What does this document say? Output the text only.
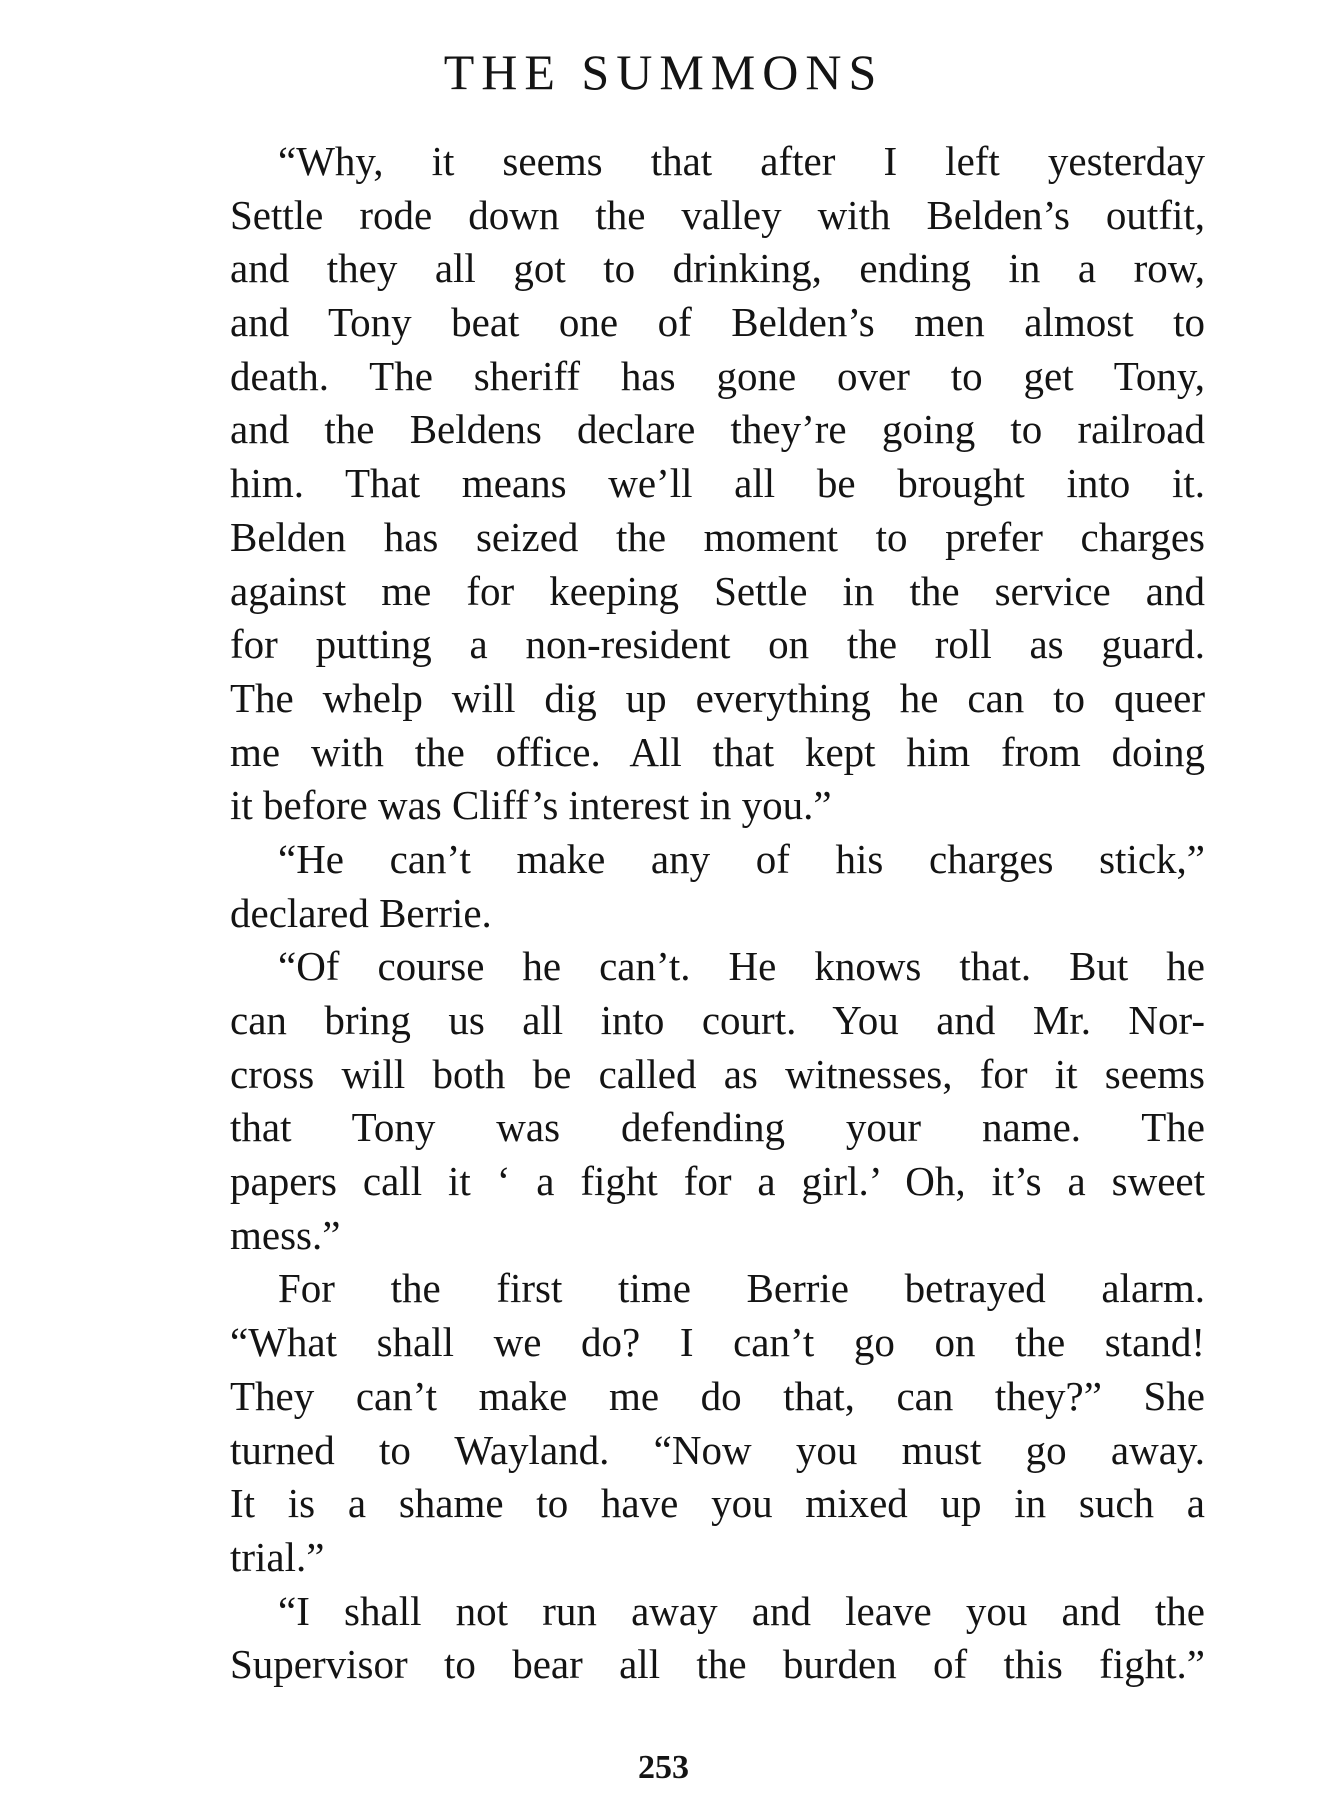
THE SUMMONS
“Why, it seems that after I left yesterday
Settle rode down the valley with Belden’s outfit,
and they all got to drinking, ending in a row,
and Tony beat one of Belden’s men almost to
death. The sheriff has gone over to get Tony,
and the Beldens declare they’re going to railroad
him. That means we’ll all be brought into it.
Belden has seized the moment to prefer charges
against me for keeping Settle in the service and
for putting a non-resident on the roll as guard.
The whelp will dig up everything he can to queer
me with the office. All that kept him from doing
it before was Cliff’s interest in you.”
“He can’t make any of his charges stick,”
declared Berrie.
“Of course he can’t. He knows that. But he
can bring us all into court. You and Mr. Nor-
cross will both be called as witnesses, for it seems
that Tony was defending your name. The
papers call it ‘ a fight for a girl.’ Oh, it’s a sweet
mess.”
For the first time Berrie betrayed alarm.
“What shall we do? I can’t go on the stand!
They can’t make me do that, can they?” She
turned to Wayland. “Now you must go away.
It is a shame to have you mixed up in such a
trial.”
“I shall not run away and leave you and the
Supervisor to bear all the burden of this fight.”
253
